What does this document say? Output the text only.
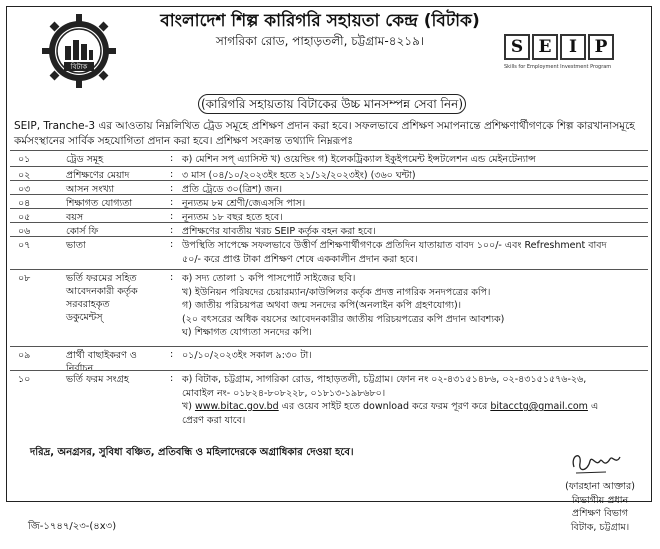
বিটাক
বাংলাদেশ শিল্প কারিগরি সহায়তা কেন্দ্র (বিটাক)
সাগরিকা রোড, পাহাড়তলী, চট্টগ্রাম-৪২১৯।	S E	I	P
Skills for Employment Investment Program
(কারিগরি সহায়তায় বিটাকের উচ্চ মানসম্পন্ন সেবা নিন)
SEIP, Tranche-3 এর আওতায় নিম্নলিখিত ট্রেড সমূহে প্রশিক্ষণ প্রদান করা হবে। সফলভাবে প্রশিক্ষণ সমাপনান্তে প্রশিক্ষণার্থীগণকে শিল্প কারখানাসমূহে
কর্মসংস্থানের সার্বিক সহযোগিতা প্রদান করা হবে। প্রশিক্ষণ সংক্রান্ত তথ্যাদি নিম্নরূপঃ
০১	ট্রেড সমূহ	: ক) মেশিন সপ্ এ্যাসিস্ট খ) ওয়েল্ডিং গ) ইলেকট্রিক্যাল ইকুইপমেন্ট ইন্সটলেশন এন্ড মেইনটেন্যান্স
০২	প্রশিক্ষণের মেয়াদ	: ৩ মাস (০৪/১০/২০২৩ইং হতে ২১/১২/২০২৩ইং) (৩৬০ ঘন্টা)
০৩	আসন সংখ্যা	: প্রতি ট্রেডে ৩০(ত্রিশ) জন।
০৪	শিক্ষাগত যোগ্যতা	: নূন্যতম ৮ম শ্রেণী/জেএসসি পাস।
০৫	বয়স	: নূন্যতম ১৮ বছর হতে হবে।
০৬	কোর্স ফি	: প্রশিক্ষণের যাবতীয় খরচ SEIP কর্তৃক বহন করা হবে।
০৭	ভাতা	: উপস্থিতি সাপেক্ষে সফলভাবে উত্তীর্ণ প্রশিক্ষণার্থীগণকে প্রতিদিন যাতায়াত বাবদ ১০০/- এবং Refreshment বাবদ
৫০/- করে প্রাপ্ত টাকা প্রশিক্ষণ শেষে এককালীন প্রদান করা হবে।
০৮	ভর্তি ফরমের সহিত
আবেদনকারী কর্তৃক
সরবরাহকৃত
ডকুমেন্টস্
: ক) সদ্য তোলা ১ কপি পাসপোর্ট সাইজের ছবি।
খ) ইউনিয়ন পরিষদের চেয়ারম্যান/কাউন্সিলর কর্তৃক প্রদত্ত নাগরিক সনদপত্রের কপি।
গ) জাতীয় পরিচয়পত্র অথবা জন্ম সনদের কপি(অনলাইন কপি গ্রহণযোগ্য)।
(২০ বৎসরের অধিক বয়সের আবেদনকারীর জাতীয় পরিচয়পত্রের কপি প্রদান আবশ্যক)
ঘ) শিক্ষাগত যোগ্যতা সনদের কপি।
০৯	প্রার্থী বাছাইকরণ ও
নির্বাচন
: ০১/১০/২০২৩ইং সকাল ৯:৩০ টা।
১০	ভর্তি ফরম সংগ্রহ	: ক) বিটাক, চট্টগ্রাম, সাগরিকা রোড, পাহাড়তলী, চট্টগ্রাম। ফোন নং ০২-৪৩১৫১৪৮৬, ০২-৪৩১৫১৫৭৬-২৬,
মোবাইল নং- ০১৮২৪-৮০৮২২৮, ০১৮১৩-১৯৮৬৮০।
খ) www.bitac.gov.bd এর ওয়েব সাইট হতে download করে ফরম পূরণ করে bitacctg@gmail.com এ
প্রেরণ করা যাবে।
দরিদ্র, অনগ্রসর, সুবিধা বঞ্চিত, প্রতিবন্ধি ও মহিলাদেরকে অগ্রাধিকার দেওয়া হবে।
(ফারহানা আক্তার)
বিভাগীয় প্রধান
প্রশিক্ষণ বিভাগ
বিটাক, চট্টগ্রাম।
জি-১৭৪৭/২৩-(৪x৩)
